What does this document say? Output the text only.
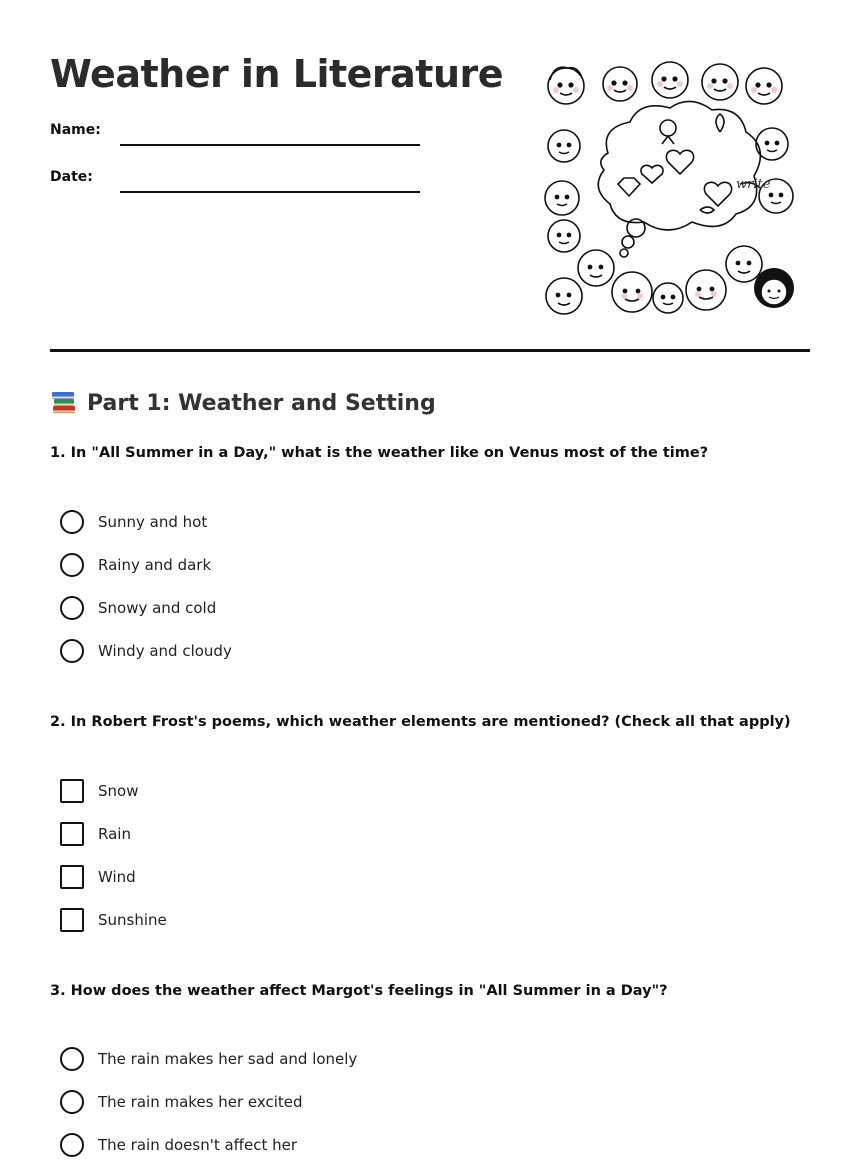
Weather in Literature
Name:
Date:	write
Part 1: Weather and Setting
1. In "All Summer in a Day," what is the weather like on Venus most of the time?
Sunny and hot
Rainy and dark
Snowy and cold
Windy and cloudy
2. In Robert Frost's poems, which weather elements are mentioned? (Check all that apply)
Snow
Rain
Wind
Sunshine
3. How does the weather affect Margot's feelings in "All Summer in a Day"?
The rain makes her sad and lonely
The rain makes her excited
The rain doesn't affect her
